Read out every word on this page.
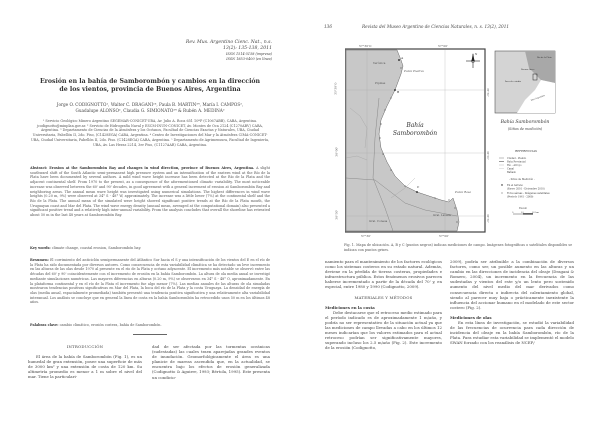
Rev. Mus. Argentino Cienc. Nat., n.s.
13(2): 135-138, 2011
ISSN 1514-5158 (impresa)
ISSN 1853-0400 (en línea)
Erosión en la bahía de Samborombón y cambios en la dirección
de los vientos, provincia de Buenos Aires, Argentina
Jorge O. CODIGNOTTO¹, Walter C. DRAGANI²³, Paula B. MARTIN³⁴, María I. CAMPOS²,
Guadalupe ALONSO², Claudia G. SIMIONATO³⁴ & Rubén A. MEDINA⁵
¹ Servicio Geológico Minero Argentino SEGEMAR-CONICET-UBA, Av. Julio A. Roca 651 10ºP (C1067ABB), CABA, Argentina. jcodignotto@minplan.gov.ar. ² Servicio de Hidrografía Naval y ESCM-INUN-CONICET, Av. Montes de Oca 2124 (C1270ABV) CABA, Argentina. ³ Departamento de Ciencias de la Atmósfera y los Océanos, Facultad de Ciencias Exactas y Naturales, UBA, Ciudad Universitaria, Pabellón II, 2do. Piso, (C1428EGA) CABA, Argentina. ⁴ Centro de Investigaciones del Mar y la Atmósfera CIMA-CONICET-UBA, Ciudad Universitaria, Pabellón II, 2do. Piso. (C1428EGA) CABA, Argentina. ⁵ Departamento de Agrimensura, Facultad de Ingeniería, UBA, Av. Las Heras 2214, 3er Piso, (C1127AAR) CABA, Argentina.
Abstract: Erosion at the Samborombón Bay and changes in wind direction, province of Buenos Aires, Argentina. A slight southward shift of the South Atlantic semi-permanent high pressure system and an intensification of the eastern wind at the Río de la Plata have been documented by several authors. A mild wind wave height increase has been detected at the Río de la Plata and the adjacent continental shelf. From 1970 to the present, as a consequence of the aforementioned climatic variability. The most noticeable increase was observed between the 60' and 90' decades, in good agreement with a general increment of erosion at Samborombón Bay and neighboring areas. The annual mean wave height was investigated using numerical simulations. The highest differences in wind wave heights (0.20 m, 9%) were observed at 34° S - 48° W, approximately. The increase was a little lower (7%) at the continental shelf and the Río de la Plata. The annual mean of the simulated wave height showed significant positive trends at the Río de la Plata mouth, the Uruguayan coast and Mar del Plata. The wind wave energy density (annual mean, averaged at the computational domain) also presented a significant positive trend and a relatively high inter-annual variability. From the analysis concludes that overall the shoreline has retreated about 50 m in the last 48 years at Samborombón Bay.
Key words: climate change, coastal erosion, Samborombón bay.
Resumen: El corrimiento del anticiclón semipermanente del Atlántico Sur hacia el S y una intensificación de los vientos del E en el río de la Plata ha sido documentada por diversos autores. Como consecuencia de esta variabilidad climática se ha detectado un leve incremento en las alturas de las olas desde 1970 al presente en el río de la Plata y océano adyacente. El incremento más notable se observó entre las décadas del 60' y 90' coincidentemente con el incremento de erosión en la bahía Samborombón. La altura de ola media anual se investigó mediante simulaciones numéricas. Las mayores diferencias en alturas (0.20 m, 9%) se observaron en 34° S - 48° O, aproximadamente. En la plataforma continental y en el río de la Plata el incremento fue algo menor (7%). Las medias anuales de las alturas de ola simuladas mostraron tendencias positivas significativas en Mar del Plata, la boca del río de la Plata y la costa Uruguaya. La densidad de energía de olas (media anual, espacialmente promediada) también presentó una tendencia positiva significativa y una relativamente alta variabilidad interanual. Los análisis se concluye que en general la línea de costa en la bahía Samborombón ha retrocedido unos 50 m en los últimos 48 años.
Palabras clave: cambio climático, erosión costera, bahía de Samborombón.
INTRODUCCIÓN

El área de la bahía de Samborombón (Fig. 1), es un humedal de gran extensión, posee una superficie de más de 3000 km² y una extensión de costa de 120 km. Su altimetría promedio es menor a 1 m sobre el nivel del mar. Tiene la particulari-

dad de ser afectada por las tormentas oceánicas (sudestadas) las cuales traen aparejadas grandes eventos de inundación. Geomorfológicamente el área es una planicie de mareas ascendida que, en la actualidad, se encuentra bajo los efectos de erosión generalizada (Codignotto & Aguirre, 1993; Bértola, 1995). Este presenta un condicio-

136	Revista del Museo Argentino de Ciencias Naturales, n. s. 13(2), 2011
35°30'O
36°00'
36°30'
57°30'O	57°00'
57°30'	57°00'
35°30'
36°00'
36°30'
Verónica
Pipinas
Punta Piedras
Punta Rasa
Gral. Lavalle
Gral. Conesa
Bahía
Samborombón
A
B
C
N
Río de la Plata
Buenos Aires
Área de estudio
Mar Argentino
Bahía Samborombón
(Sitios de medición)
REFERENCIAS
Ciudad - Pueblo
Ruta Provincial
Río - Arroyo
Canal
Bañado
- Sitios de Medición -
En el terreno
(Enero 2010 - Diciembre 2010)
Fotos aéreas - Imágenes satelitales
(Período 1961 - 2009)
Escala
0	10	20 km
Fig. 1. Mapa de ubicación. A, B y C (puntos negros) indican mediciones de campo. Imágenes fotográficas o satelitales disponibles se indican con puntos grises.

namiento para el mantenimiento de los factores ecológicos como los sistemas costeros en su estado natural. Además, deviene en la pérdida de tierras costeras, propiedades e infraestructura pública. Estos fenómenos erosivos parecen haberse incrementado a partir de la década del 70' y, en especial, entre 1980 y 1990 (Codignotto, 2009).

MATERIALES Y MÉTODOS

Mediciones en la costa

Debe destacarse que el retroceso medio estimado para el período indicado es de aproximadamente 1 m/año, y podría no ser representativo de la situación actual ya que las mediciones de campo llevadas a cabo en los últimos 12 meses indicarían que los valores estimados para el actual retroceso podrían ser significativamente mayores, superando incluso los 2.5 m/año (Fig. 2). Este incremento de la erosión (Codignotto,

2009), podría ser atribuible a la combinación de diversos factores, como ser, un posible aumento en las alturas y un cambio en las direcciones de incidencia del oleaje (Dragani & Romero, 2004), un incremento en la frecuencia de las sudestadas y vientos del este y/o un lento pero sostenido aumento del nivel medio del mar derivados como consecuencia directa o indirecta del calentamiento global, siendo al parecer muy baja o prácticamente inexistente la influencia del accionar humano en el modelado de este sector costero (Fig. 2).

Mediciones de olas

En esta línea de investigación, se estudió la variabilidad de las frecuencias de ocurrencia para cada dirección de incidencia del oleaje en la bahía Samborombón, río de la Plata. Para estudiar esta variabilidad se implementó el modelo SWAN forzado con los reanálisis de NCEP/
